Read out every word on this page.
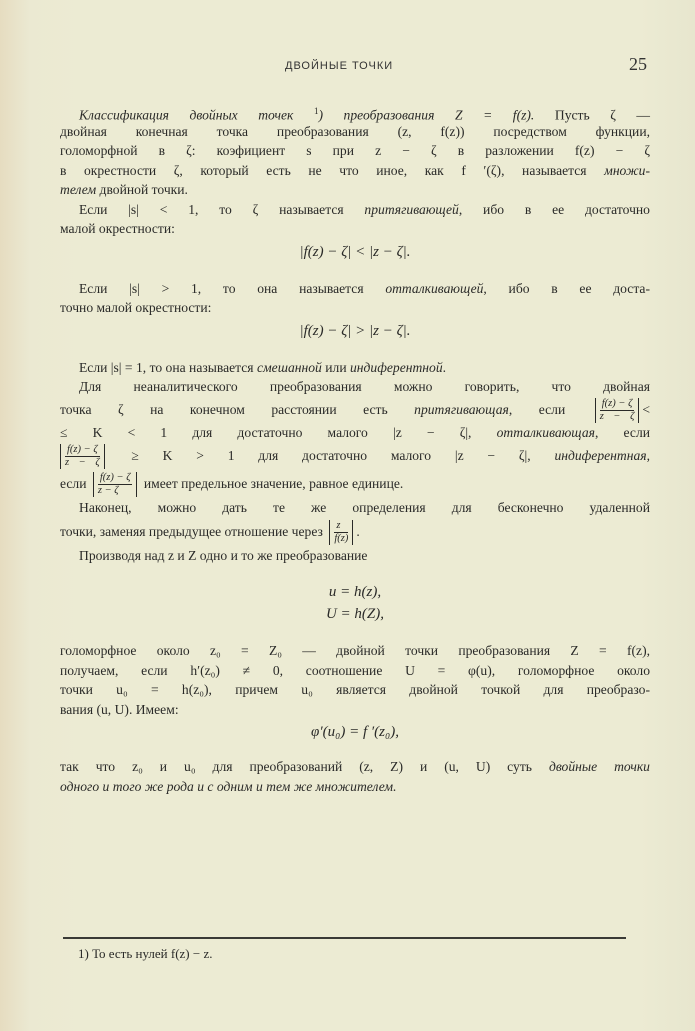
ДВОЙНЫЕ ТОЧКИ	25
Классификация двойных точек $^1$) преобразования Z = f(z). Пусть ζ —
двойная конечная точка преобразования (z, f(z)) посредством функции,
голоморфной в ζ: коэфициент s при z − ζ в разложении f(z) − ζ
в окрестности ζ, который есть не что иное, как f ′(ζ), называется множи-
телем двойной точки.
Если |s| < 1, то ζ называется притягивающей, ибо в ее достаточно
малой окрестности:
|f(z) − ζ| < |z − ζ|.
Если |s| > 1, то она называется отталкивающей, ибо в ее доста-
точно малой окрестности:
|f(z) − ζ| > |z − ζ|.
Если |s| = 1, то она называется смешанной или индиферентной.
Для неаналитического преобразования можно говорить, что двойная
точка ζ на конечном расстоянии есть притягивающая, если	$\frac{f(z) - \zeta}{z - \zeta}$ <
≤ K < 1 для достаточно малого |z − ζ|, отталкивающая, если
$\frac{f(z) - \zeta}{z - \zeta} \ge K > 1$ для достаточно малого |z − ζ|, индиферентная,
если $\frac{f(z) - \zeta}{z - \zeta}$ имеет предельное значение, равное единице.
Наконец, можно дать те же определения для бесконечно удаленной
точки, заменяя предыдущее отношение через $\frac{z}{f(z)}$ .
Производя над z и Z одно и то же преобразование
u = h(z),
U = h(Z),
голоморфное около z₀ = Z₀ — двойной точки преобразования Z = f(z),
получаем, если h′(z₀) ≠ 0, соотношение U = φ(u), голоморфное около
точки u₀ = h(z₀), причем u₀ является двойной точкой для преобразо-
вания (u, U). Имеем:
φ′(u₀) = f ′(z₀),
так что z₀ и u₀ для преобразований (z, Z) и (u, U) суть двойные точки
одного и того же рода и с одним и тем же множителем.
1) То есть нулей f(z) − z.
